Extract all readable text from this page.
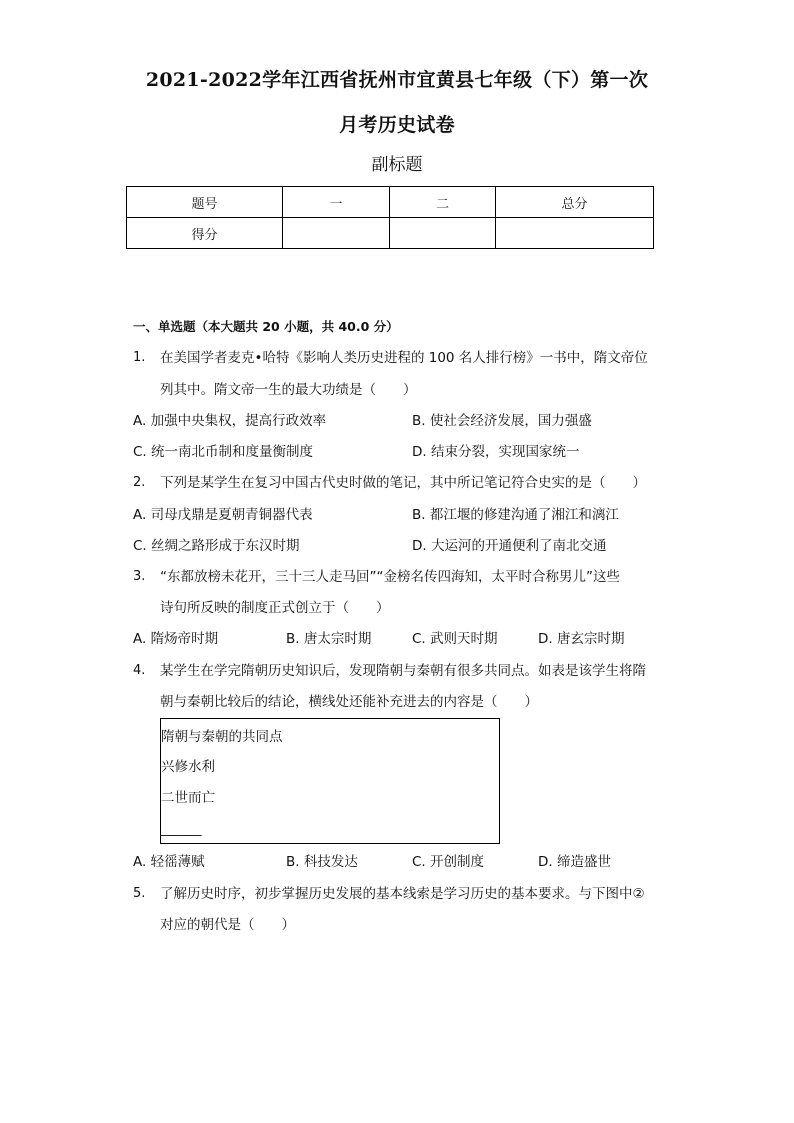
2021-2022学年江西省抚州市宜黄县七年级（下）第一次
月考历史试卷
副标题
题号	一	二	总分
得分			
一、单选题（本大题共 20 小题，共 40.0 分）
1. 在美国学者麦克•哈特《影响人类历史进程的 100 名人排行榜》一书中，隋文帝位
列其中。隋文帝一生的最大功绩是（　　）
A. 加强中央集权，提高行政效率	B. 使社会经济发展，国力强盛
C. 统一南北币制和度量衡制度	D. 结束分裂，实现国家统一
2. 下列是某学生在复习中国古代史时做的笔记，其中所记笔记符合史实的是（　　）
A. 司母戊鼎是夏朝青铜器代表	B. 都江堰的修建沟通了湘江和漓江
C. 丝绸之路形成于东汉时期	D. 大运河的开通便利了南北交通
3. “东都放榜未花开，三十三人走马回”“金榜名传四海知，太平时合称男儿”这些
诗句所反映的制度正式创立于（　　）
A. 隋炀帝时期	B. 唐太宗时期	C. 武则天时期	D. 唐玄宗时期
4. 某学生在学完隋朝历史知识后，发现隋朝与秦朝有很多共同点。如表是该学生将隋
朝与秦朝比较后的结论，横线处还能补充进去的内容是（　　）
隋朝与秦朝的共同点
兴修水利
二世而亡
______
A. 轻徭薄赋	B. 科技发达	C. 开创制度	D. 缔造盛世
5. 了解历史时序，初步掌握历史发展的基本线索是学习历史的基本要求。与下图中②
对应的朝代是（　　）
